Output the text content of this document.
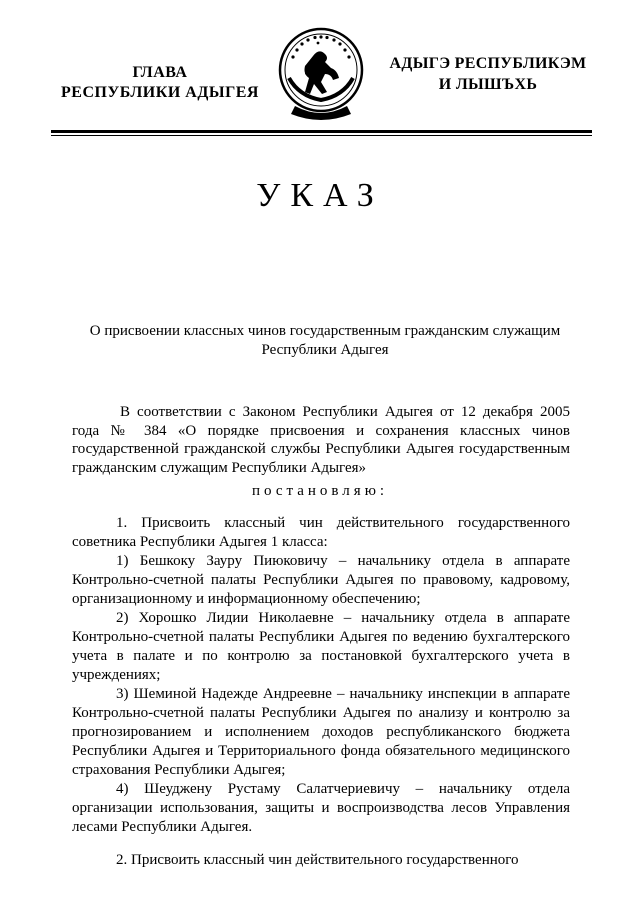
ГЛАВА
РЕСПУБЛИКИ АДЫГЕЯ
АДЫГЭ РЕСПУБЛИКЭМ
И ЛЫШЪХЬ
УКАЗ
О присвоении классных чинов государственным гражданским служащим
Республики Адыгея

В соответствии с Законом Республики Адыгея от 12 декабря 2005 года № 384 «О порядке присвоения и сохранения классных чинов государственной гражданской службы Республики Адыгея государственным гражданским служащим Республики Адыгея»

постановляю:

1. Присвоить классный чин действительного государственного советника Республики Адыгея 1 класса:

1) Бешкоку Зауру Пиюковичу – начальнику отдела в аппарате Контрольно-счетной палаты Республики Адыгея по правовому, кадровому, организационному и информационному обеспечению;

2) Хорошко Лидии Николаевне – начальнику отдела в аппарате Контрольно-счетной палаты Республики Адыгея по ведению бухгалтерского учета в палате и по контролю за постановкой бухгалтерского учета в учреждениях;

3) Шеминой Надежде Андреевне – начальнику инспекции в аппарате Контрольно-счетной палаты Республики Адыгея по анализу и контролю за прогнозированием и исполнением доходов республиканского бюджета Республики Адыгея и Территориального фонда обязательного медицинского страхования Республики Адыгея;

4) Шеуджену Рустаму Салатчериевичу – начальнику отдела организации использования, защиты и воспроизводства лесов Управления лесами Республики Адыгея.

2. Присвоить классный чин действительного государственного
